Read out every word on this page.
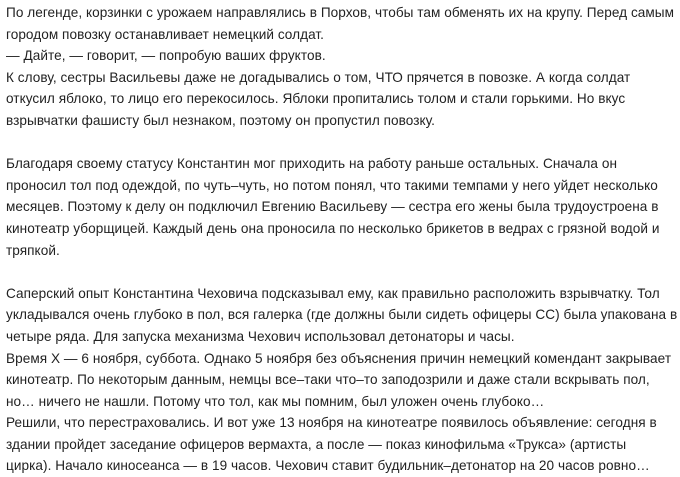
По легенде, корзинки с урожаем направлялись в Порхов, чтобы там обменять их на крупу. Перед самым
городом повозку останавливает немецкий солдат.
— Дайте, — говорит, — попробую ваших фруктов.
К слову, сестры Васильевы даже не догадывались о том, ЧТО прячется в повозке. А когда солдат
откусил яблоко, то лицо его перекосилось. Яблоки пропитались толом и стали горькими. Но вкус
взрывчатки фашисту был незнаком, поэтому он пропустил повозку.

Благодаря своему статусу Константин мог приходить на работу раньше остальных. Сначала он
проносил тол под одеждой, по чуть–чуть, но потом понял, что такими темпами у него уйдет несколько
месяцев. Поэтому к делу он подключил Евгению Васильеву — сестра его жены была трудоустроена в
кинотеатр уборщицей. Каждый день она проносила по несколько брикетов в ведрах с грязной водой и
тряпкой.

Саперский опыт Константина Чеховича подсказывал ему, как правильно расположить взрывчатку. Тол
укладывался очень глубоко в пол, вся галерка (где должны были сидеть офицеры СС) была упакована в
четыре ряда. Для запуска механизма Чехович использовал детонаторы и часы.
Время Х — 6 ноября, суббота. Однако 5 ноября без объяснения причин немецкий комендант закрывает
кинотеатр. По некоторым данным, немцы все–таки что–то заподозрили и даже стали вскрывать пол,
но… ничего не нашли. Потому что тол, как мы помним, был уложен очень глубоко…
Решили, что перестраховались. И вот уже 13 ноября на кинотеатре появилось объявление: сегодня в
здании пройдет заседание офицеров вермахта, а после — показ кинофильма «Трукса» (артисты
цирка). Начало киносеанса — в 19 часов. Чехович ставит будильник–детонатор на 20 часов ровно…
